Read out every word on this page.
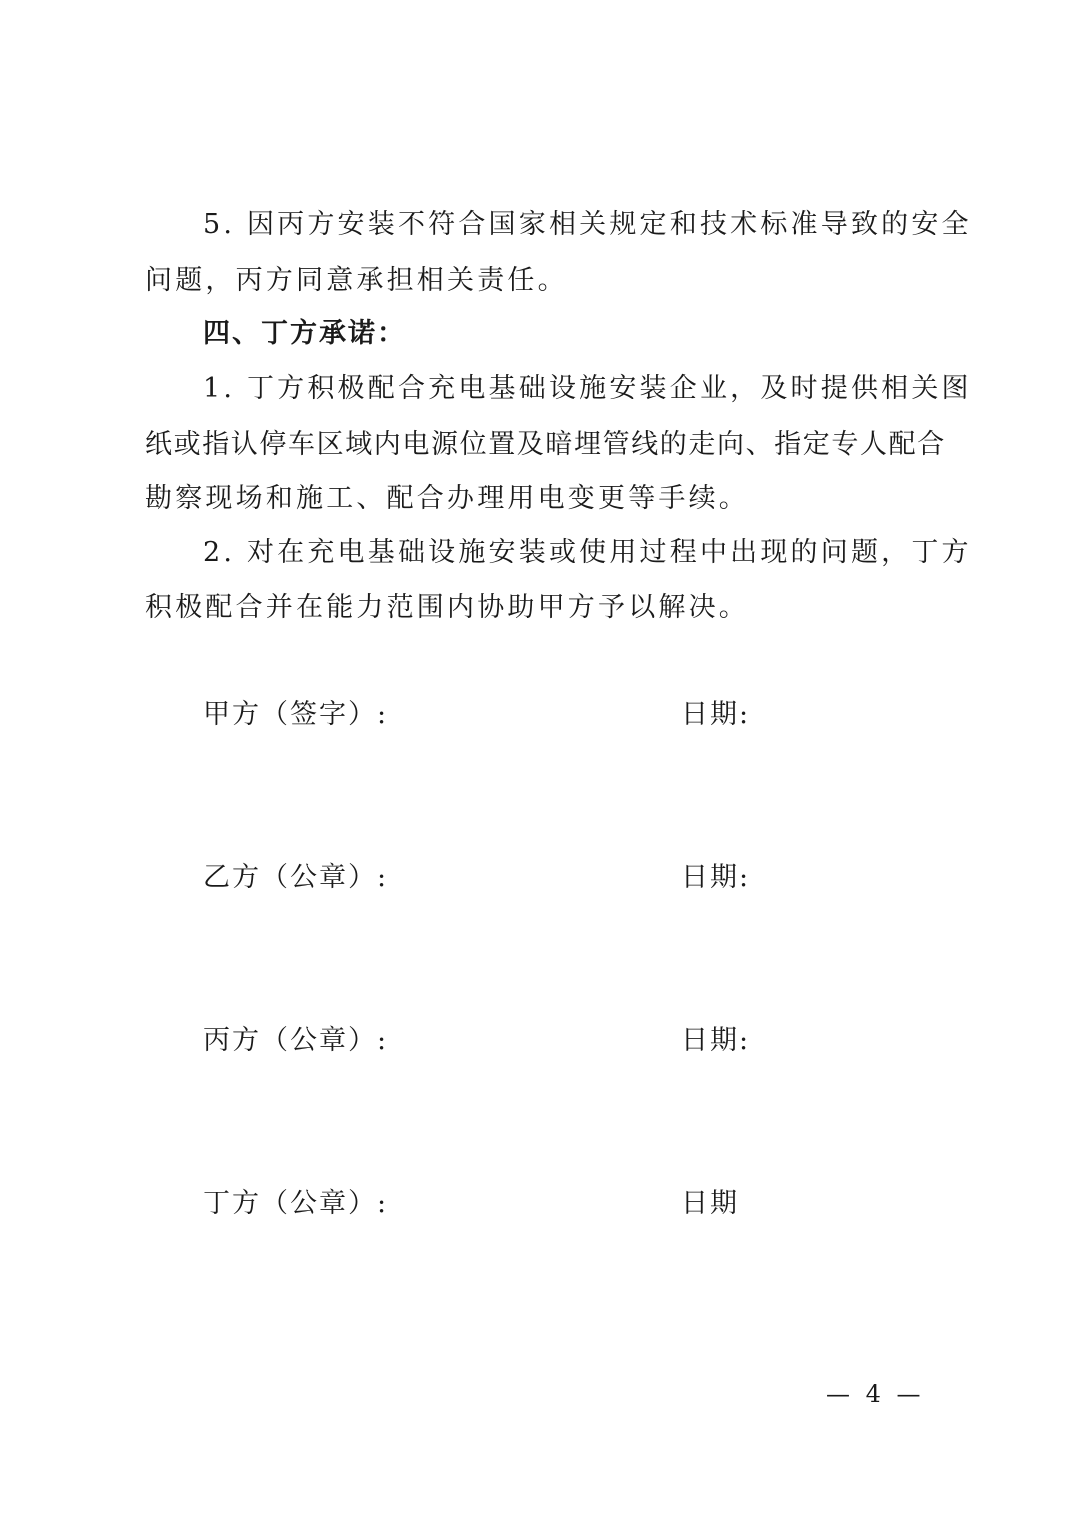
5. 因丙方安装不符合国家相关规定和技术标准导致的安全
问题，丙方同意承担相关责任。
四、丁方承诺：
1. 丁方积极配合充电基础设施安装企业，及时提供相关图
纸或指认停车区域内电源位置及暗埋管线的走向、指定专人配合
勘察现场和施工、配合办理用电变更等手续。
2. 对在充电基础设施安装或使用过程中出现的问题，丁方
积极配合并在能力范围内协助甲方予以解决。
甲方（签字）:	日期:
乙方（公章）:	日期:
丙方（公章）:	日期:
丁方（公章）:	日期
— 4 —
